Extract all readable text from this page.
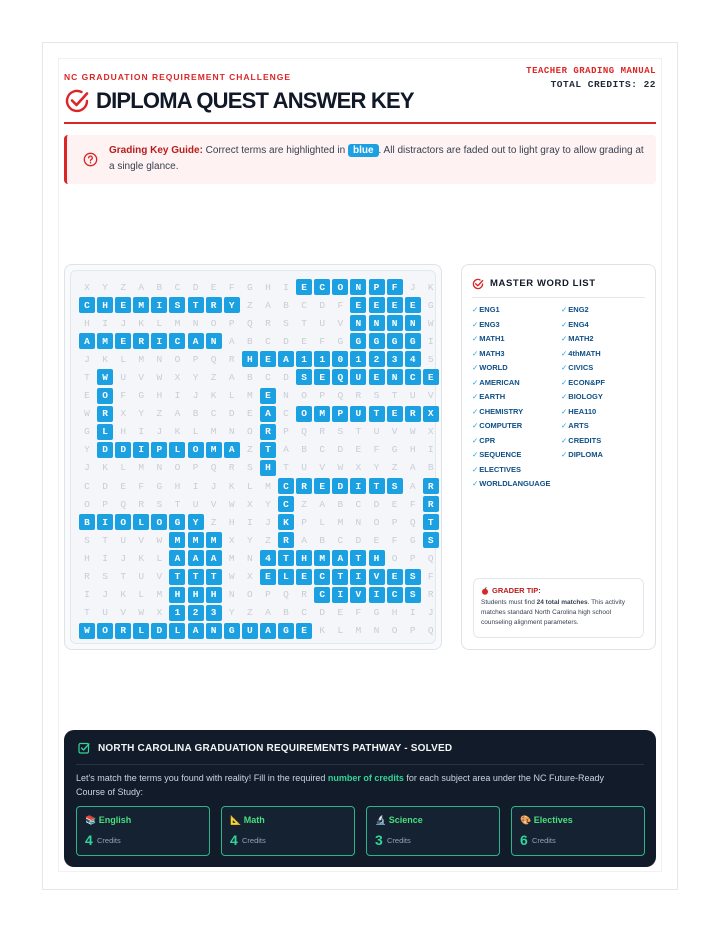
NC GRADUATION REQUIREMENT CHALLENGE
TEACHER GRADING MANUAL
TOTAL CREDITS: 22
DIPLOMA QUEST ANSWER KEY

Grading Key Guide: Correct terms are highlighted in blue . All distractors are faded out to light gray to allow grading at a single glance.

X	Y	Z	A	B	C	D	E	F	G	H	I	E	C	O	N	P	F	J	K
C	H	E	M	I	S	T	R	Y	Z	A	B	C	D	F	E	E	E	E	G
H	I	J	K	L	M	N	O	P	Q	R	S	T	U	V	N	N	N	N	W
A	M	E	R	I	C	A	N	A	B	C	D	E	F	G	G	G	G	G	I
J	K	L	M	N	O	P	Q	R	H	E	A	1	1	0	1	2	3	4	5
T	W	U	V	W	X	Y	Z	A	B	C	D	S	E	Q	U	E	N	C	E
E	O	F	G	H	I	J	K	L	M	E	N	O	P	Q	R	S	T	U	V
W	R	X	Y	Z	A	B	C	D	E	A	C	O	M	P	U	T	E	R	X
G	L	H	I	J	K	L	M	N	O	R	P	Q	R	S	T	U	V	W	X
Y	D	D	I	P	L	O	M	A	Z	T	A	B	C	D	E	F	G	H	I
J	K	L	M	N	O	P	Q	R	S	H	T	U	V	W	X	Y	Z	A	B
C	D	E	F	G	H	I	J	K	L	M	C	R	E	D	I	T	S	A	R
O	P	Q	R	S	T	U	V	W	X	Y	C	Z	A	B	C	D	E	F	R
B	I	O	L	O	G	Y	Z	H	I	J	K	P	L	M	N	O	P	Q	T
S	T	U	V	W	M	M	M	X	Y	Z	R	A	B	C	D	E	F	G	S
H	I	J	K	L	A	A	A	M	N	4	T	H	M	A	T	H	O	P	Q
R	S	T	U	V	T	T	T	W	X	E	L	E	C	T	I	V	E	S	F
I	J	K	L	M	H	H	H	N	O	P	Q	R	C	I	V	I	C	S	R
T	U	V	W	X	1	2	3	Y	Z	A	B	C	D	E	F	G	H	I	J
W	O	R	L	D	L	A	N	G	U	A	G	E	K	L	M	N	O	P	Q
MASTER WORD LIST
✓ENG1	✓ENG2
✓ENG3	✓ENG4
✓MATH1	✓MATH2
✓MATH3	✓4thMATH
✓WORLD	✓CIVICS
✓AMERICAN	✓ECON&PF
✓EARTH	✓BIOLOGY
✓CHEMISTRY	✓HEA110
✓COMPUTER	✓ARTS
✓CPR	✓CREDITS
✓SEQUENCE	✓DIPLOMA
✓ELECTIVES
✓WORLDLANGUAGE
GRADER TIP:

Students must find 24 total matches. This activity matches standard North Carolina high school counseling alignment parameters.

NORTH CAROLINA GRADUATION REQUIREMENTS PATHWAY - SOLVED

Let's match the terms you found with reality! Fill in the required number of credits for each subject area under the NC Future-Ready Course of Study:

📚 English
4 Credits
📐 Math
4 Credits
🔬 Science
3 Credits
🎨 Electives
6 Credits
